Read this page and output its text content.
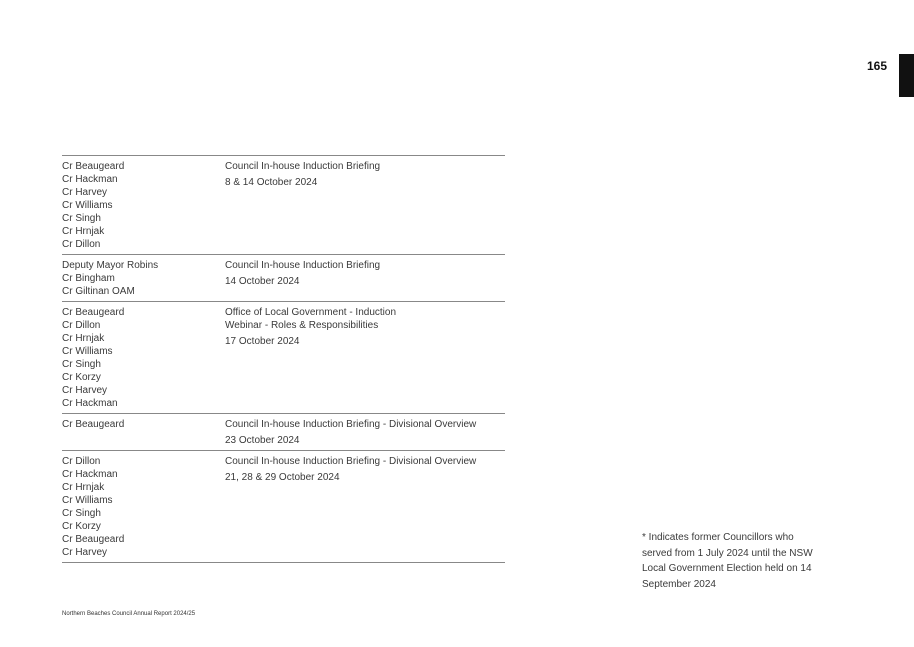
165
Cr Beaugeard
Cr Hackman
Cr Harvey
Cr Williams
Cr Singh
Cr Hrnjak
Cr Dillon
Council In-house Induction Briefing
8 & 14 October 2024
Deputy Mayor Robins
Cr Bingham
Cr Giltinan OAM
Council In-house Induction Briefing
14 October 2024
Cr Beaugeard
Cr Dillon
Cr Hrnjak
Cr Williams
Cr Singh
Cr Korzy
Cr Harvey
Cr Hackman
Office of Local Government - Induction
Webinar - Roles & Responsibilities
17 October 2024
Cr Beaugeard	Council In-house Induction Briefing - Divisional Overview
23 October 2024
Cr Dillon
Cr Hackman
Cr Hrnjak
Cr Williams
Cr Singh
Cr Korzy
Cr Beaugeard
Cr Harvey
Council In-house Induction Briefing - Divisional Overview
21, 28 & 29 October 2024
* Indicates former Councillors who served from 1 July 2024 until the NSW Local Government Election held on 14 September 2024
Northern Beaches Council Annual Report 2024/25
